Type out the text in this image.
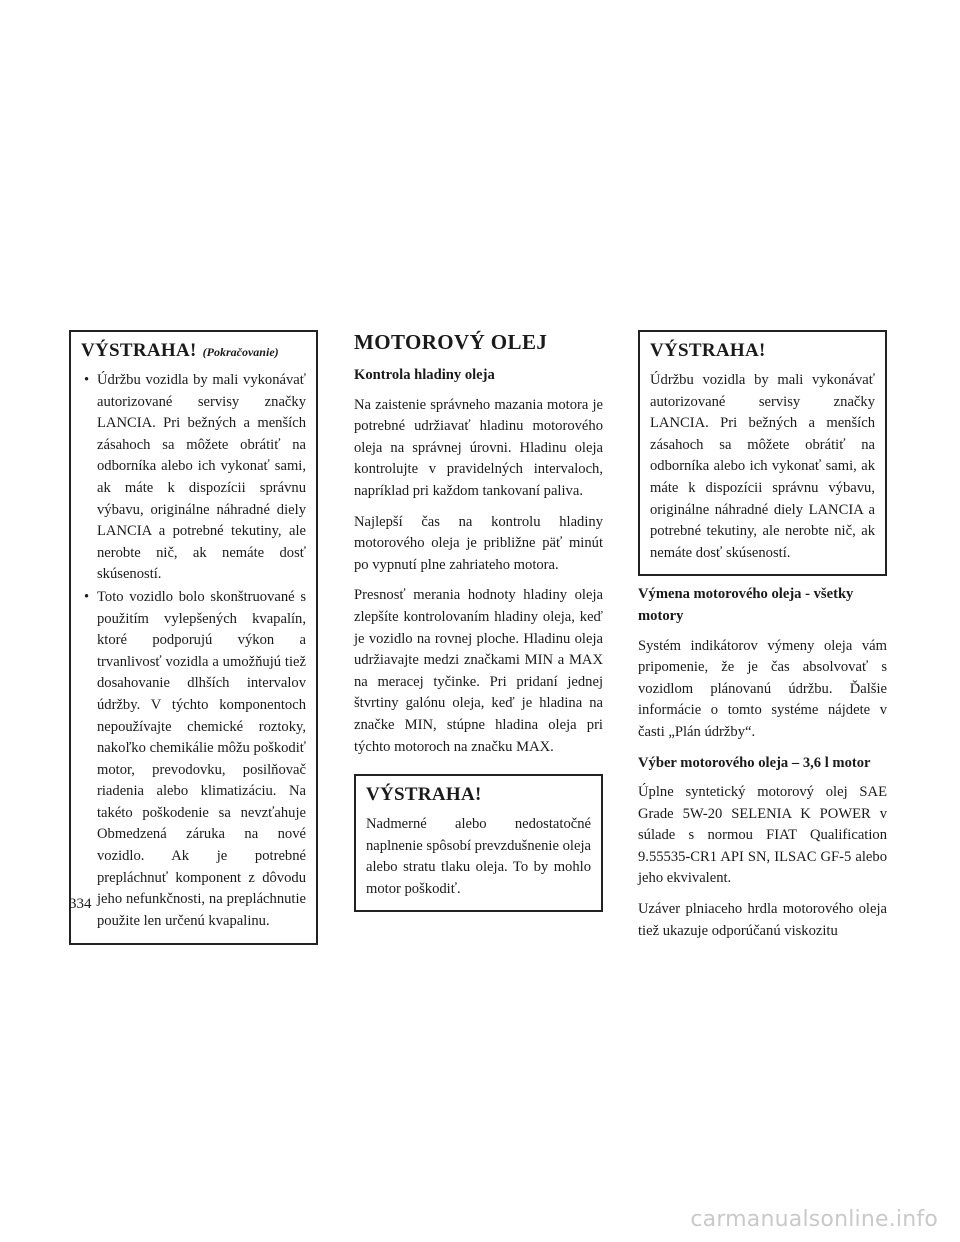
VÝSTRAHA! (Pokračovanie)
• Údržbu vozidla by mali vykonávať autorizované servisy značky LANCIA. Pri bežných a menších zásahoch sa môžete obrátiť na odborníka alebo ich vykonať sami, ak máte k dispozícii správnu výbavu, originálne náhradné diely LANCIA a potrebné tekutiny, ale nerobte nič, ak nemáte dosť skúseností.
• Toto vozidlo bolo skonštruované s použitím vylepšených kvapalín, ktoré podporujú výkon a trvanlivosť vozidla a umožňujú tiež dosahovanie dlhších intervalov údržby. V týchto komponentoch nepoužívajte chemické roztoky, nakoľko chemikálie môžu poškodiť motor, prevodovku, posilňovač riadenia alebo klimatizáciu. Na takéto poškodenie sa nevzťahuje Obmedzená záruka na nové vozidlo. Ak je potrebné prepláchnuť komponent z dôvodu jeho nefunkčnosti, na prepláchnutie použite len určenú kvapalinu.
MOTOROVÝ OLEJ
Kontrola hladiny oleja

Na zaistenie správneho mazania motora je potrebné udržiavať hladinu motorového oleja na správnej úrovni. Hladinu oleja kontrolujte v pravidelných intervaloch, napríklad pri každom tankovaní paliva.

Najlepší čas na kontrolu hladiny motorového oleja je približne päť minút po vypnutí plne zahriateho motora.

Presnosť merania hodnoty hladiny oleja zlepšíte kontrolovaním hladiny oleja, keď je vozidlo na rovnej ploche. Hladinu oleja udržiavajte medzi značkami MIN a MAX na meracej tyčinke. Pri pridaní jednej štvrtiny galónu oleja, keď je hladina na značke MIN, stúpne hladina oleja pri týchto motoroch na značku MAX.

VÝSTRAHA!

Nadmerné alebo nedostatočné naplnenie spôsobí prevzdušnenie oleja alebo stratu tlaku oleja. To by mohlo motor poškodiť.

VÝSTRAHA!

Údržbu vozidla by mali vykonávať autorizované servisy značky LANCIA. Pri bežných a menších zásahoch sa môžete obrátiť na odborníka alebo ich vykonať sami, ak máte k dispozícii správnu výbavu, originálne náhradné diely LANCIA a potrebné tekutiny, ale nerobte nič, ak nemáte dosť skúseností.

Výmena motorového oleja - všetky motory

Systém indikátorov výmeny oleja vám pripomenie, že je čas absolvovať s vozidlom plánovanú údržbu. Ďalšie informácie o tomto systéme nájdete v časti „Plán údržby“.

Výber motorového oleja – 3,6 l motor

Úplne syntetický motorový olej SAE Grade 5W-20 SELENIA K POWER v súlade s normou FIAT Qualification 9.55535-CR1 API SN, ILSAC GF-5 alebo jeho ekvivalent.

Uzáver plniaceho hrdla motorového oleja tiež ukazuje odporúčanú viskozitu

334
carmanualsonline.info
